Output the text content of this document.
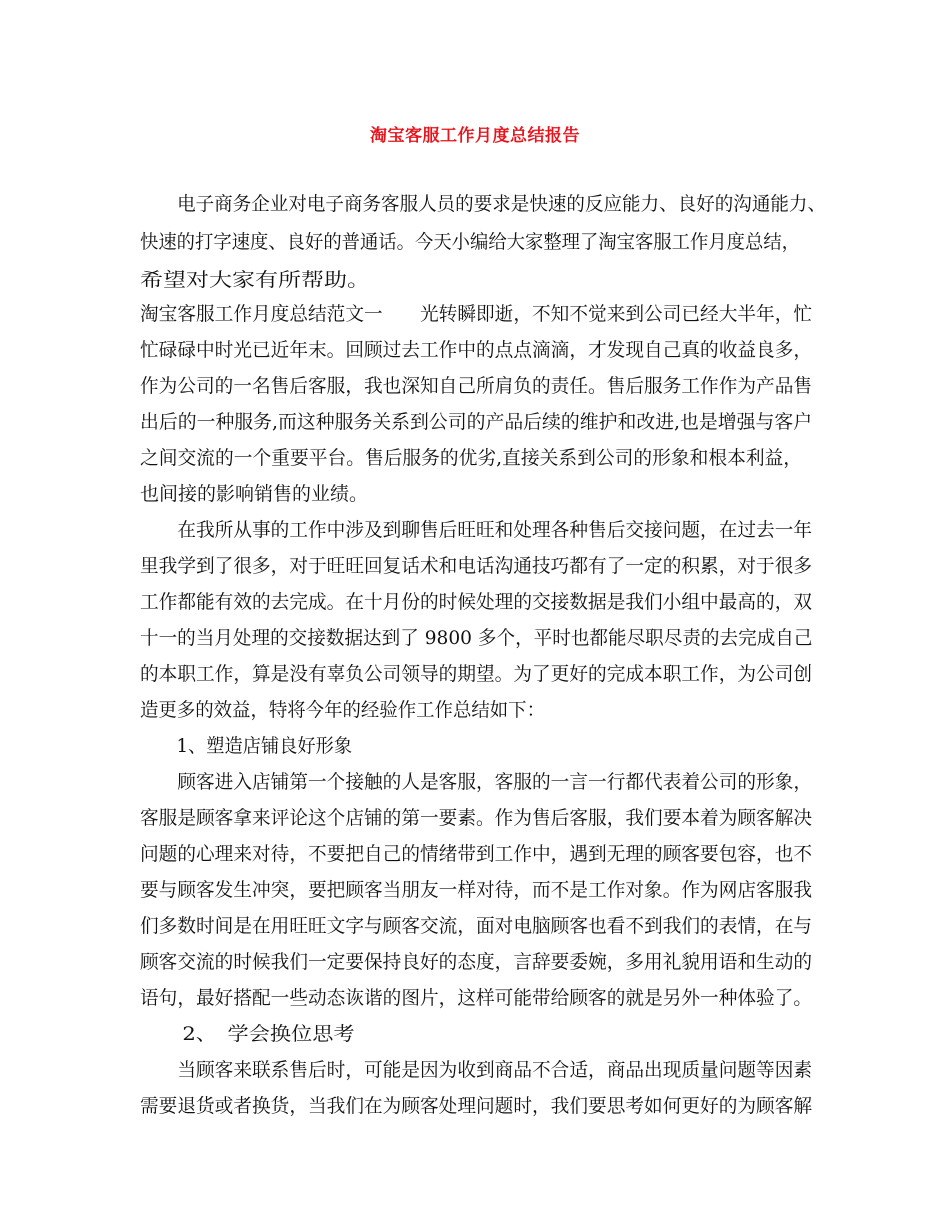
淘宝客服工作月度总结报告
　　电子商务企业对电子商务客服人员的要求是快速的反应能力、良好的沟通能力、
快速的打字速度、良好的普通话。今天小编给大家整理了淘宝客服工作月度总结，
希望对大家有所帮助。
淘宝客服工作月度总结范文一　　光转瞬即逝，不知不觉来到公司已经大半年，忙
忙碌碌中时光已近年末。回顾过去工作中的点点滴滴，才发现自己真的收益良多，
作为公司的一名售后客服，我也深知自己所肩负的责任。售后服务工作作为产品售
出后的一种服务,而这种服务关系到公司的产品后续的维护和改进,也是增强与客户
之间交流的一个重要平台。售后服务的优劣,直接关系到公司的形象和根本利益，
也间接的影响销售的业绩。
　　在我所从事的工作中涉及到聊售后旺旺和处理各种售后交接问题，在过去一年
里我学到了很多，对于旺旺回复话术和电话沟通技巧都有了一定的积累，对于很多
工作都能有效的去完成。在十月份的时候处理的交接数据是我们小组中最高的，双
十一的当月处理的交接数据达到了 9800 多个，平时也都能尽职尽责的去完成自己
的本职工作，算是没有辜负公司领导的期望。为了更好的完成本职工作，为公司创
造更多的效益，特将今年的经验作工作总结如下：
　　1、塑造店铺良好形象
　　顾客进入店铺第一个接触的人是客服，客服的一言一行都代表着公司的形象，
客服是顾客拿来评论这个店铺的第一要素。作为售后客服，我们要本着为顾客解决
问题的心理来对待，不要把自己的情绪带到工作中，遇到无理的顾客要包容，也不
要与顾客发生冲突，要把顾客当朋友一样对待，而不是工作对象。作为网店客服我
们多数时间是在用旺旺文字与顾客交流，面对电脑顾客也看不到我们的表情，在与
顾客交流的时候我们一定要保持良好的态度，言辞要委婉，多用礼貌用语和生动的
语句，最好搭配一些动态诙谐的图片，这样可能带给顾客的就是另外一种体验了。
　　2、　学会换位思考
　　当顾客来联系售后时，可能是因为收到商品不合适，商品出现质量问题等因素
需要退货或者换货，当我们在为顾客处理问题时，我们要思考如何更好的为顾客解
